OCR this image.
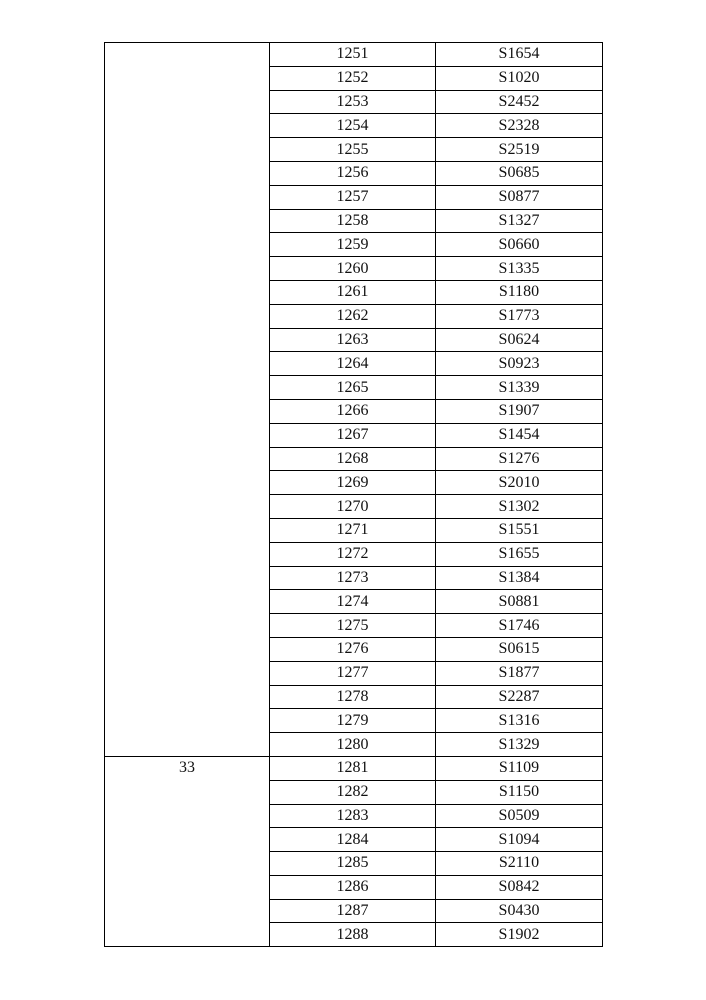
	1251	S1654
	1252	S1020
	1253	S2452
	1254	S2328
	1255	S2519
	1256	S0685
	1257	S0877
	1258	S1327
	1259	S0660
	1260	S1335
	1261	S1180
	1262	S1773
	1263	S0624
	1264	S0923
	1265	S1339
	1266	S1907
	1267	S1454
	1268	S1276
	1269	S2010
	1270	S1302
	1271	S1551
	1272	S1655
	1273	S1384
	1274	S0881
	1275	S1746
	1276	S0615
	1277	S1877
	1278	S2287
	1279	S1316
	1280	S1329
33	1281	S1109
	1282	S1150
	1283	S0509
	1284	S1094
	1285	S2110
	1286	S0842
	1287	S0430
	1288	S1902
